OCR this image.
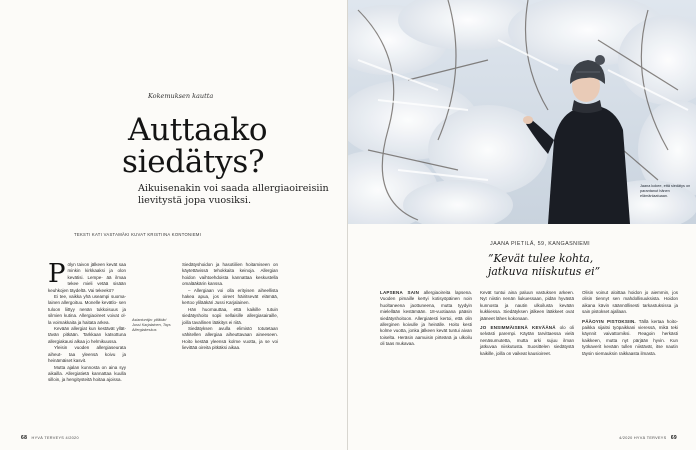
Kokemuksen kautta
Auttaako
siedätys?
Aikuisenakin voi saada allergiaoireisiin lievitystä jopa vuosiksi.
TEKSTI KATI VASTAMÄKI KUVAT KRISTIINA KONTONIEMI
P ölyn taivon jälkeen kevät saa minkin kirkkaaksi ja olon kevätisi. Lempe- ää ilmaa tekee mieli vetää sisään keuhkojen täydeltä. Vai tekeekö?

Ei tee, vaikka yhä useampi suoma- lainen allergoituu. Monelle kevätlo- sen tuloon liittyy nenän tukkoisuus ja silmien kutina. Allergiaoireet voivat ol- la voimakkaita ja haitata arkea.

Kevään allergiat kun kestävät yllät- tävän pitkään. Tarkkaan katsottuna allergiakausi alkaa jo helmikuussa.

Yleisin vuoden allergiaseurata aiheut- taa yleensä koivu ja heinämäiset kasvit.

Mutta ajalan kunnosta on aina syy aikailla. Allergiatietä kannattaa kuulla silloin, ja hengitysteitä hoitaa ajoissa.

Asiantuntija: yliläkäri Jussi Karjalainen, Tays Allergiakeskus

Siedätyshoidon ja hasotiilien hoitamiseen on käytettävissä tehokkaita keinoja. Allergian hoidon vaihtoehdoista kannattaa keskustella omalääkärin kanssa.

– Allergiaan voi olla erityisen aiheellista hakea apua, jos oireet häiritsevät elämää, kertoo ylilääkäri Jussi Karjalainen.

Hän huomauttaa, että kaikille tutuin siedätyshoito sopii sellaisille allergiasairaille, joilla tavallinen lääkitys ei riitä.

Siedätyksen avulla elimistö totutetaan vähitellen allergiaa aiheuttavaan aineeseen. Hoito kestää yleensä kolme vuotta, ja se voi lievittää oireita pitkäksi aikaa.

68 HYVÄ TERVEYS 4/2020
Jaana kokee, että siedätys on parantanut hänen elämänlaatuaan.
JAANA PIETILÄ, 59, KANGASNIEMI
”Kevät tulee kohta,
jatkuva niiskutus ei”

LAPSENA SAIN allergiaoireita lapsena. Vuoden pimaille kertyi kotisyöpäinen noin huoltaneena jaottuneena, mutta tyydyin mielellään kestämään. 18-vuotiaana pääsin siedätyshoitoon. Allergiatesti kertoi, että olin allerginen koivulle ja heinälle. Hoito kesti kolme vuotta, jonka jälkeen kevät tuntui aivan toiselta. Heräsin aamuisin pirteänä ja ulkoilu oli taas mukavaa.

Kevät tuntui aina paluun vastuksen arkeen. Nyt niistin nenän liukuessaan, pidän hyvästä kunnosta ja nautin ulkoilusta kevään kukkiessa. Siedätyksen jälkeen lääkkeet ovat jääneet lähes kokonaan.

JO ENSIMMÄISENÄ KEVÄÄNÄ olo oli selvästi parempi. Käytän tarvittaessa vielä nenäsumutetta, mutta arki sujuu ilman jatkuvaa niiskutusta. Suosittelen siedätystä kaikille, joilla on vaikeat kausioireet.

Olisin voinut aloittaa hoidon jo aiemmin, jos olisin tiennyt sen mahdollisuuksista. Hoidon aikana kävin säännöllisesti tarkastuksissa ja sain pistokset ajallaan.

PÄÄOYIN PISTOKSIIN. Tällä kertaa hoito-paikka sijaitsi työpaikkani vieressä, mikä teki käynnit vaivattomiksi. Reagoin herkästi kaikkeen, mutta nyt pärjään hyvin. Kun työkaverit kevään tullen niistävät, itse nautin täysin siemauksin raikkaasta ilmasta.

4/2020 HYVÄ TERVEYS 69
